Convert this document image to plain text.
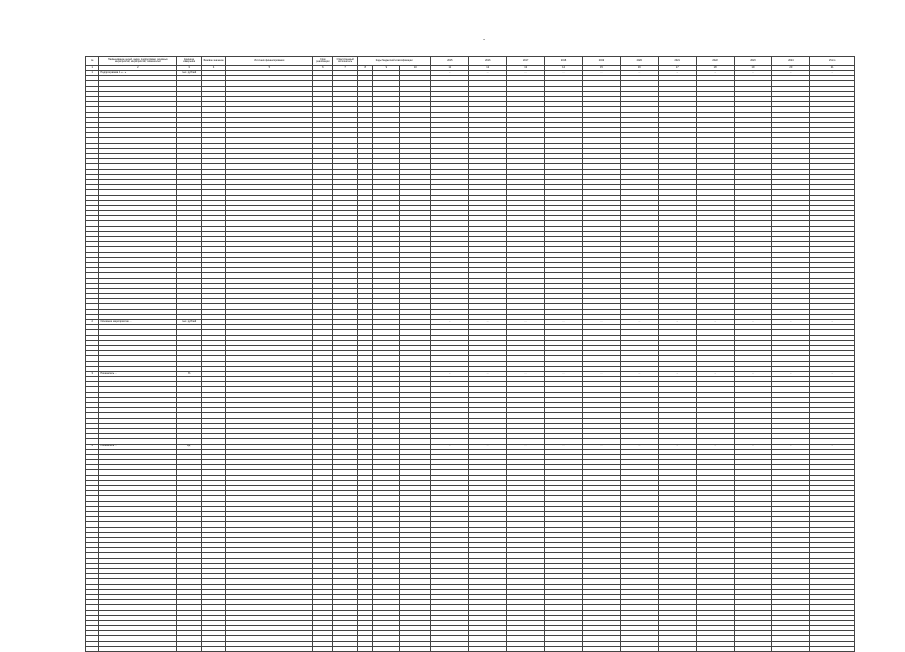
-
№	Наименование целей, задач, подпрограмм, основных мероприятий, мероприятий, показателей	Единица измерения	Базовое значение	Источник финансирования	Срок реализации	Ответственный исполнитель	Коды бюджетной классификации			2015	2016	2017	2018	2019	2020	2021	2022	2023	2024	Итого
1	2	3	4	5	6	7	8	9	10	11	12	13	14	15	16	17	18	19	20	21
1	Подпрограмма 1 «...»	тыс. рублей								...	...	...	...	...	...	...	...	...	...	...

2	Основное мероприятие ...	тыс. рублей								...	...	...	...	...	...	...	...	...	...	...

3	Показатель ...	%								...	...	...	...	...	...	...	...	...	...	...

4	Показатель ...	ед.								...	...	...	...	...	...	...	...	...	...	...
